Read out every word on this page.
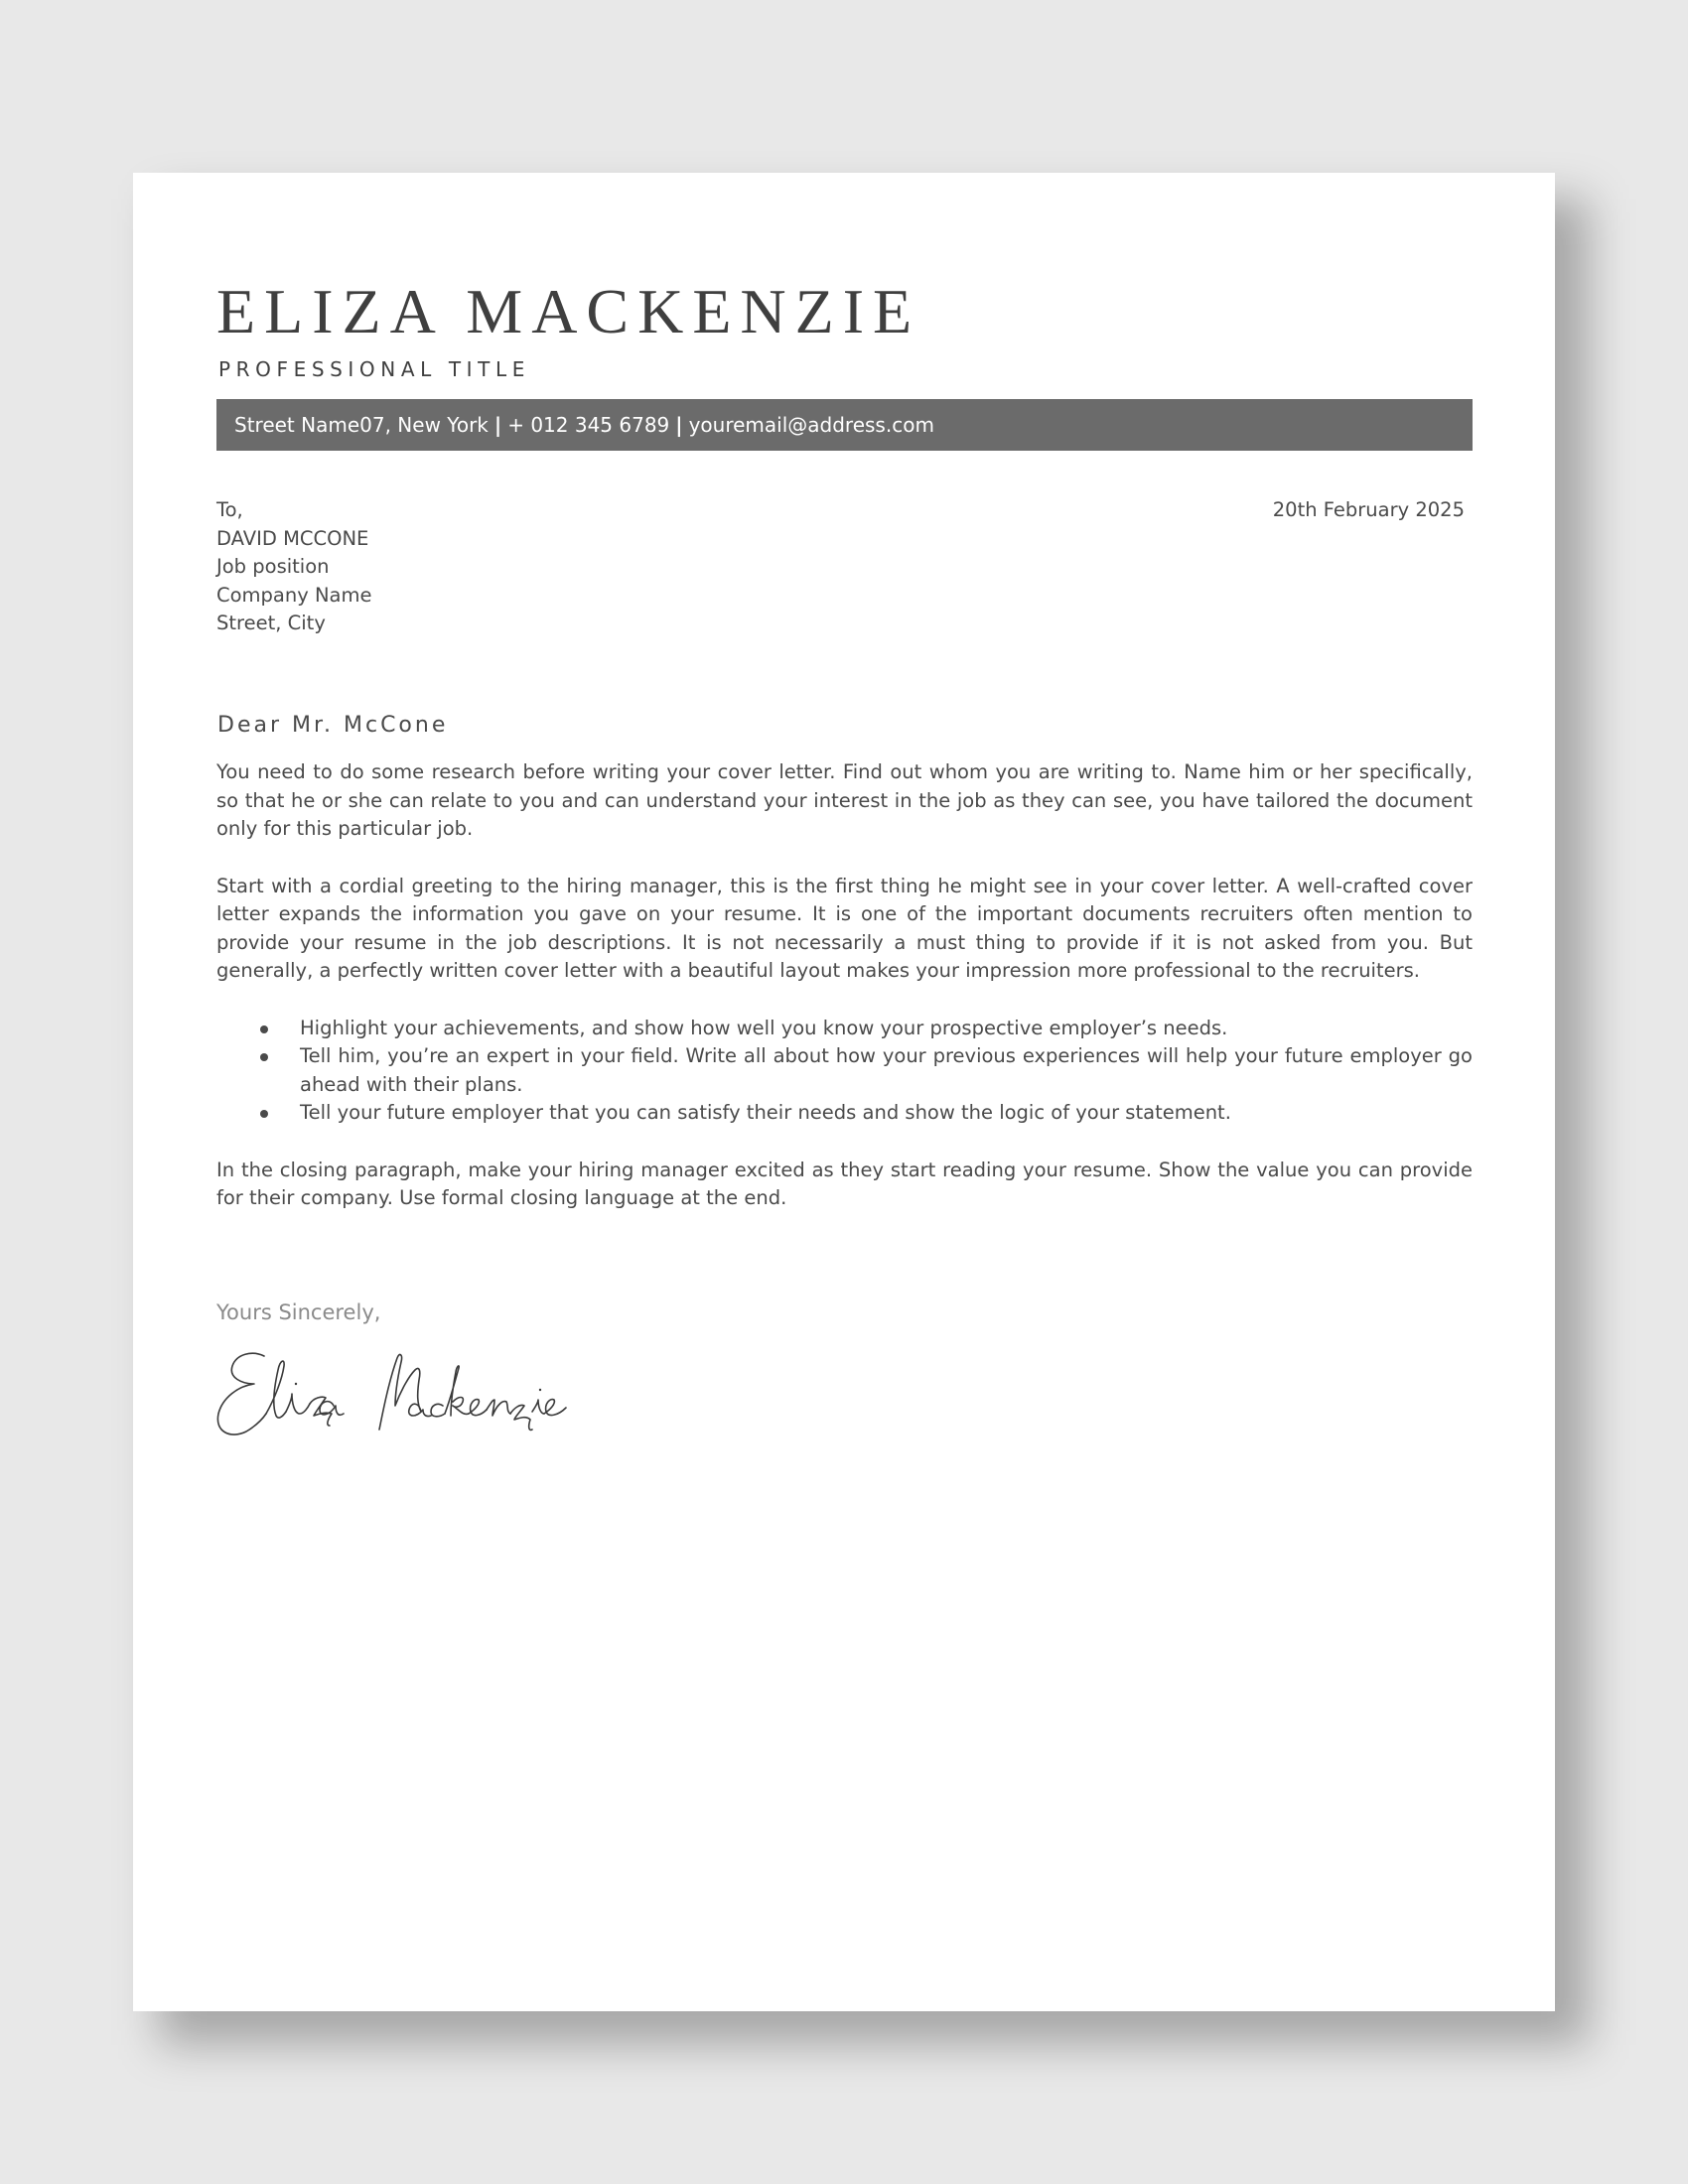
ELIZA MACKENZIE
PROFESSIONAL TITLE
Street Name07, New York | + 012 345 6789 | youremail@address.com
To,
DAVID MCCONE
Job position
Company Name
Street, City
20th February 2025
Dear Mr. McCone

You need to do some research before writing your cover letter. Find out whom you are writing to. Name him or her specifically, so that he or she can relate to you and can understand your interest in the job as they can see, you have tailored the document only for this particular job.

Start with a cordial greeting to the hiring manager, this is the first thing he might see in your cover letter. A well-crafted cover letter expands the information you gave on your resume. It is one of the important documents recruiters often mention to provide your resume in the job descriptions. It is not necessarily a must thing to provide if it is not asked from you. But generally, a perfectly written cover letter with a beautiful layout makes your impression more professional to the recruiters.

Highlight your achievements, and show how well you know your prospective employer’s needs.
Tell him, you’re an expert in your field. Write all about how your previous experiences will help your future employer go ahead with their plans.
Tell your future employer that you can satisfy their needs and show the logic of your statement.

In the closing paragraph, make your hiring manager excited as they start reading your resume. Show the value you can provide for their company. Use formal closing language at the end.

Yours Sincerely,
